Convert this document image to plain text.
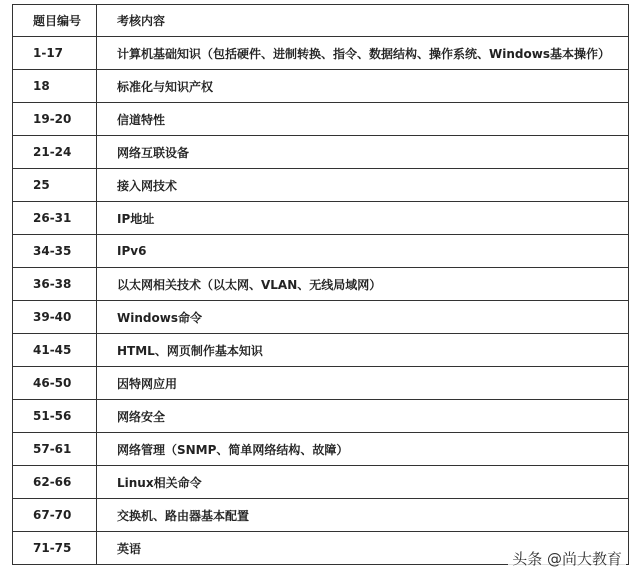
题目编号	考核内容
1-17	计算机基础知识（包括硬件、进制转换、指令、数据结构、操作系统、Windows基本操作）
18	标准化与知识产权
19-20	信道特性
21-24	网络互联设备
25	接入网技术
26-31	IP地址
34-35	IPv6
36-38	以太网相关技术（以太网、VLAN、无线局域网）
39-40	Windows命令
41-45	HTML、网页制作基本知识
46-50	因特网应用
51-56	网络安全
57-61	网络管理（SNMP、简单网络结构、故障）
62-66	Linux相关命令
67-70	交换机、路由器基本配置
71-75	英语
头条 @尚大教育
